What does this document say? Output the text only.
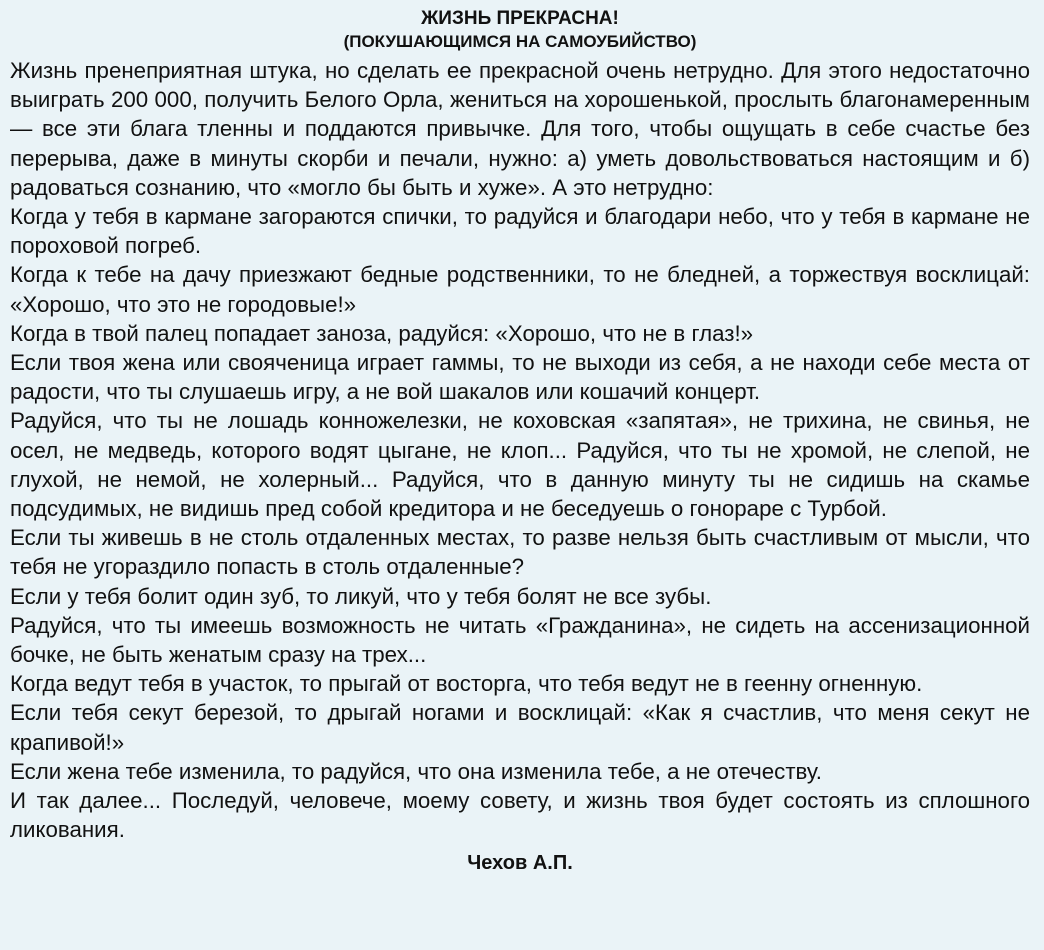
ЖИЗНЬ ПРЕКРАСНА!
(ПОКУШАЮЩИМСЯ НА САМОУБИЙСТВО)

Жизнь пренеприятная штука, но сделать ее прекрасной очень нетрудно. Для этого недостаточно выиграть 200 000, получить Белого Орла, жениться на хорошенькой, прослыть благонамеренным — все эти блага тленны и поддаются привычке. Для того, чтобы ощущать в себе счастье без перерыва, даже в минуты скорби и печали, нужно: а) уметь довольствоваться настоящим и б) радоваться сознанию, что «могло бы быть и хуже». А это нетрудно:

Когда у тебя в кармане загораются спички, то радуйся и благодари небо, что у тебя в кармане не пороховой погреб.

Когда к тебе на дачу приезжают бедные родственники, то не бледней, а торжествуя восклицай: «Хорошо, что это не городовые!»

Когда в твой палец попадает заноза, радуйся: «Хорошо, что не в глаз!»

Если твоя жена или свояченица играет гаммы, то не выходи из себя, а не находи себе места от радости, что ты слушаешь игру, а не вой шакалов или кошачий концерт.

Радуйся, что ты не лошадь конножелезки, не коховская «запятая», не трихина, не свинья, не осел, не медведь, которого водят цыгане, не клоп... Радуйся, что ты не хромой, не слепой, не глухой, не немой, не холерный... Радуйся, что в данную минуту ты не сидишь на скамье подсудимых, не видишь пред собой кредитора и не беседуешь о гонораре с Турбой.

Если ты живешь в не столь отдаленных местах, то разве нельзя быть счастливым от мысли, что тебя не угораздило попасть в столь отдаленные?

Если у тебя болит один зуб, то ликуй, что у тебя болят не все зубы.

Радуйся, что ты имеешь возможность не читать «Гражданина», не сидеть на ассенизационной бочке, не быть женатым сразу на трех...

Когда ведут тебя в участок, то прыгай от восторга, что тебя ведут не в геенну огненную.

Если тебя секут березой, то дрыгай ногами и восклицай: «Как я счастлив, что меня секут не крапивой!»

Если жена тебе изменила, то радуйся, что она изменила тебе, а не отечеству.

И так далее... Последуй, человече, моему совету, и жизнь твоя будет состоять из сплошного ликования.

Чехов А.П.
